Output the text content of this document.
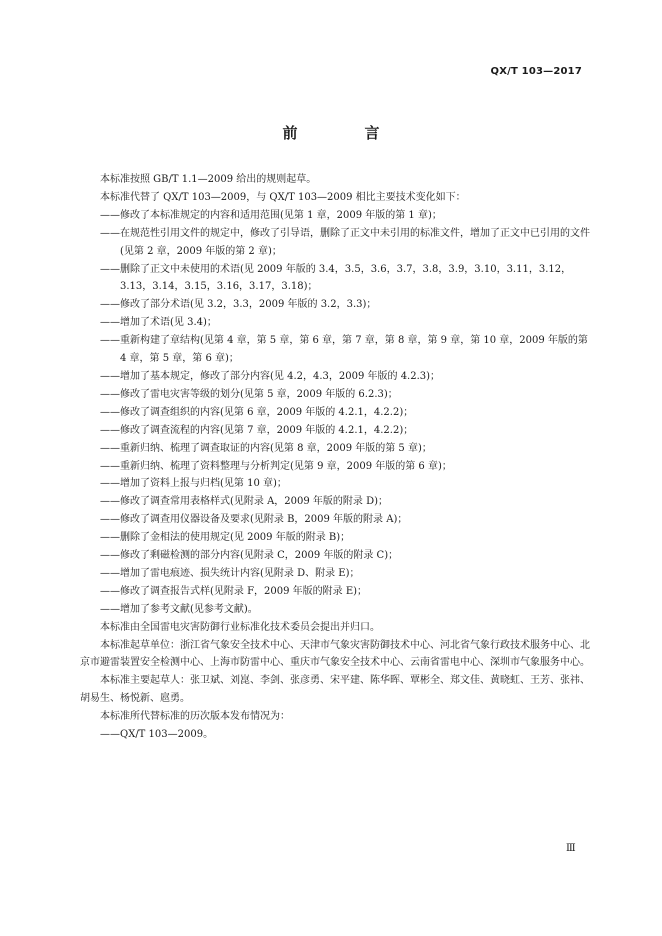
QX/T 103—2017
前　言

本标准按照 GB/T 1.1—2009 给出的规则起草。

本标准代替了 QX/T 103—2009，与 QX/T 103—2009 相比主要技术变化如下：

——修改了本标准规定的内容和适用范围(见第 1 章，2009 年版的第 1 章)；

——在规范性引用文件的规定中，修改了引导语，删除了正文中未引用的标准文件，增加了正文中已引用的文件(见第 2 章，2009 年版的第 2 章)；

——删除了正文中未使用的术语(见 2009 年版的 3.4，3.5，3.6，3.7，3.8，3.9，3.10，3.11，3.12，3.13，3.14，3.15，3.16，3.17，3.18)；

——修改了部分术语(见 3.2，3.3，2009 年版的 3.2，3.3)；

——增加了术语(见 3.4)；

——重新构建了章结构(见第 4 章，第 5 章，第 6 章，第 7 章，第 8 章，第 9 章，第 10 章，2009 年版的第 4 章，第 5 章，第 6 章)；

——增加了基本规定，修改了部分内容(见 4.2，4.3，2009 年版的 4.2.3)；

——修改了雷电灾害等级的划分(见第 5 章，2009 年版的 6.2.3)；

——修改了调查组织的内容(见第 6 章，2009 年版的 4.2.1，4.2.2)；

——修改了调查流程的内容(见第 7 章，2009 年版的 4.2.1，4.2.2)；

——重新归纳、梳理了调查取证的内容(见第 8 章，2009 年版的第 5 章)；

——重新归纳、梳理了资料整理与分析判定(见第 9 章，2009 年版的第 6 章)；

——增加了资料上报与归档(见第 10 章)；

——修改了调查常用表格样式(见附录 A，2009 年版的附录 D)；

——修改了调查用仪器设备及要求(见附录 B，2009 年版的附录 A)；

——删除了金相法的使用规定(见 2009 年版的附录 B)；

——修改了剩磁检测的部分内容(见附录 C，2009 年版的附录 C)；

——增加了雷电痕迹、损失统计内容(见附录 D、附录 E)；

——修改了调查报告式样(见附录 F，2009 年版的附录 E)；

——增加了参考文献(见参考文献)。

本标准由全国雷电灾害防御行业标准化技术委员会提出并归口。

本标准起草单位：浙江省气象安全技术中心、天津市气象灾害防御技术中心、河北省气象行政技术服务中心、北京市避雷装置安全检测中心、上海市防雷中心、重庆市气象安全技术中心、云南省雷电中心、深圳市气象服务中心。

本标准主要起草人：张卫斌、刘崑、李剑、张彦勇、宋平建、陈华晖、覃彬全、郑文佳、黄晓虹、王芳、张祎、胡易生、杨悦新、扈勇。

本标准所代替标准的历次版本发布情况为：

——QX/T 103—2009。

Ⅲ
